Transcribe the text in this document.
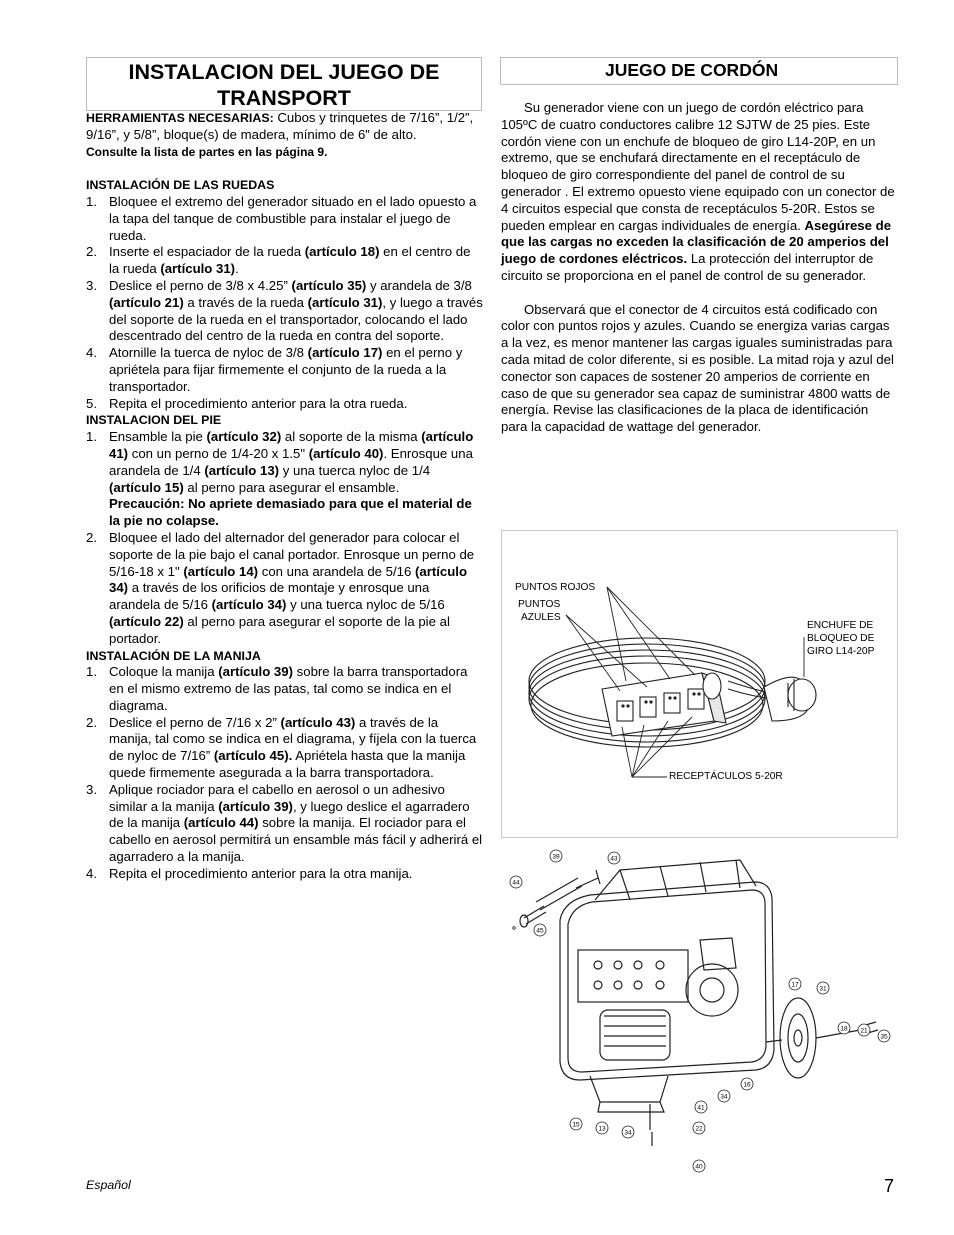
INSTALACION DEL JUEGO DE TRANSPORT
JUEGO DE CORDÓN

HERRAMIENTAS NECESARIAS: Cubos y trinquetes de 7/16”, 1/2”, 9/16”, y 5/8”, bloque(s) de madera, mínimo de 6” de alto.

Consulte la lista de partes en las página 9.

INSTALACIÓN DE LAS RUEDAS

1. Bloquee el extremo del generador situado en el lado opuesto a la tapa del tanque de combustible para instalar el juego de rueda.
2. Inserte el espaciador de la rueda (artículo 18) en el centro de la rueda (artículo 31).
3. Deslice el perno de 3/8 x 4.25” (artículo 35) y arandela de 3/8 (artículo 21) a través de la rueda (artículo 31), y luego a través del soporte de la rueda en el transportador, colocando el lado descentrado del centro de la rueda en contra del soporte.
4. Atornille la tuerca de nyloc de 3/8 (artículo 17) en el perno y apriétela para fijar firmemente el conjunto de la rueda a la transportador.
5. Repita el procedimiento anterior para la otra rueda.

INSTALACION DEL PIE

1. Ensamble la pie (artículo 32) al soporte de la misma (artículo 41) con un perno de 1/4-20 x 1.5" (artículo 40). Enrosque una arandela de 1/4 (artículo 13) y una tuerca nyloc de 1/4 (artículo 15) al perno para asegurar el ensamble.
Precaución: No apriete demasiado para que el material de la pie no colapse.
2. Bloquee el lado del alternador del generador para colocar el soporte de la pie bajo el canal portador. Enrosque un perno de 5/16-18 x 1" (artículo 14) con una arandela de 5/16 (artículo 34) a través de los orificios de montaje y enrosque una arandela de 5/16 (artículo 34) y una tuerca nyloc de 5/16 (artículo 22) al perno para asegurar el soporte de la pie al portador.

INSTALACIÓN DE LA MANIJA

1. Coloque la manija (artículo 39) sobre la barra transportadora en el mismo extremo de las patas, tal como se indica en el diagrama.
2. Deslice el perno de 7/16 x 2” (artículo 43) a través de la manija, tal como se indica en el diagrama, y fíjela con la tuerca de nyloc de 7/16” (artículo 45). Apriétela hasta que la manija quede firmemente asegurada a la barra transportadora.
3. Aplique rociador para el cabello en aerosol o un adhesivo similar a la manija (artículo 39), y luego deslice el agarradero de la manija (artículo 44) sobre la manija. El rociador para el cabello en aerosol permitirá un ensamble más fácil y adherirá el agarradero a la manija.
4. Repita el procedimiento anterior para la otra manija.

Su generador viene con un juego de cordón eléctrico para 105ºC de cuatro conductores calibre 12 SJTW de 25 pies. Este cordón viene con un enchufe de bloqueo de giro L14-20P, en un extremo, que se enchufará directamente en el receptáculo de bloqueo de giro correspondiente del panel de control de su generador . El extremo opuesto viene equipado con un conector de 4 circuitos especial que consta de receptáculos 5-20R. Estos se pueden emplear en cargas individuales de energía. Asegúrese de que las cargas no exceden la clasificación de 20 amperios del juego de cordones eléctricos. La protección del interruptor de circuito se proporciona en el panel de control de su generador.

Observará que el conector de 4 circuitos está codificado con color con puntos rojos y azules. Cuando se energiza varias cargas a la vez, es menor mantener las cargas iguales suministradas para cada mitad de color diferente, si es posible. La mitad roja y azul del conector son capaces de sostener 20 amperios de corriente en caso de que su generador sea capaz de suministrar 4800 watts de energía. Revise las clasificaciones de la placa de identificación para la capacidad de wattage del generador.

PUNTOS ROJOS
PUNTOS
AZULES
ENCHUFE DE
BLOQUEO DE
GIRO L14-20P
RECEPTÁCULOS 5-20R
39	43
44
45
17
31
18 21
35
16
34
41
15
13
34
22
40
Español	7
